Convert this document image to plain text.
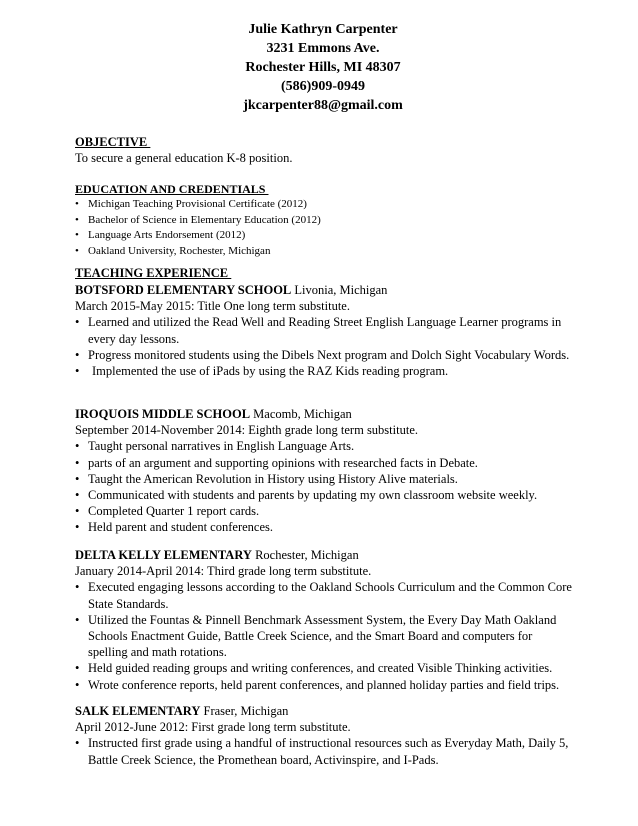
Julie Kathryn Carpenter
3231 Emmons Ave.
Rochester Hills, MI 48307
(586)909-0949
jkcarpenter88@gmail.com
OBJECTIVE
To secure a general education K-8 position.
EDUCATION AND CREDENTIALS
• Michigan Teaching Provisional Certificate (2012)
• Bachelor of Science in Elementary Education (2012)
• Language Arts Endorsement (2012)
• Oakland University, Rochester, Michigan
TEACHING EXPERIENCE
BOTSFORD ELEMENTARY SCHOOL Livonia, Michigan
March 2015-May 2015: Title One long term substitute.
• Learned and utilized the Read Well and Reading Street English Language Learner programs in every day lessons.
• Progress monitored students using the Dibels Next program and Dolch Sight Vocabulary Words.
• Implemented the use of iPads by using the RAZ Kids reading program.
IROQUOIS MIDDLE SCHOOL Macomb, Michigan
September 2014-November 2014: Eighth grade long term substitute.
• Taught personal narratives in English Language Arts.
• parts of an argument and supporting opinions with researched facts in Debate.
• Taught the American Revolution in History using History Alive materials.
• Communicated with students and parents by updating my own classroom website weekly.
• Completed Quarter 1 report cards.
• Held parent and student conferences.
DELTA KELLY ELEMENTARY Rochester, Michigan
January 2014-April 2014: Third grade long term substitute.
• Executed engaging lessons according to the Oakland Schools Curriculum and the Common Core State Standards.
• Utilized the Fountas & Pinnell Benchmark Assessment System, the Every Day Math Oakland Schools Enactment Guide, Battle Creek Science, and the Smart Board and computers for spelling and math rotations.
• Held guided reading groups and writing conferences, and created Visible Thinking activities.
• Wrote conference reports, held parent conferences, and planned holiday parties and field trips.
SALK ELEMENTARY Fraser, Michigan
April 2012-June 2012: First grade long term substitute.
• Instructed first grade using a handful of instructional resources such as Everyday Math, Daily 5, Battle Creek Science, the Promethean board, Activinspire, and I-Pads.
